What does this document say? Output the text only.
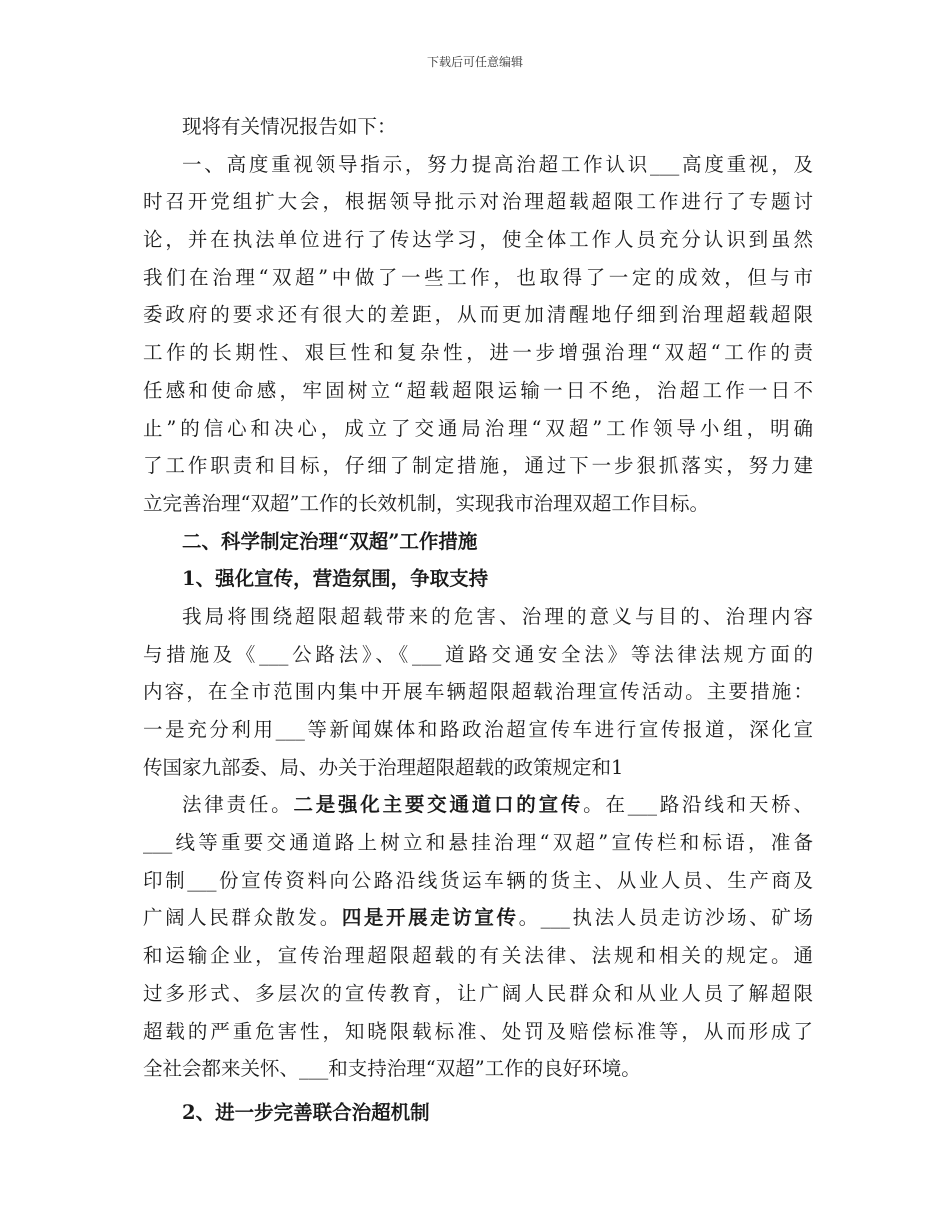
下载后可任意编辑
现将有关情况报告如下：
一、高度重视领导指示，努力提高治超工作认识___高度重视，及
时召开党组扩大会，根据领导批示对治理超载超限工作进行了专题讨
论，并在执法单位进行了传达学习，使全体工作人员充分认识到虽然
我们在治理“双超”中做了一些工作，也取得了一定的成效，但与市
委政府的要求还有很大的差距，从而更加清醒地仔细到治理超载超限
工作的长期性、艰巨性和复杂性，进一步增强治理“双超“工作的责
任感和使命感，牢固树立“超载超限运输一日不绝，治超工作一日不
止”的信心和决心，成立了交通局治理“双超”工作领导小组，明确
了工作职责和目标，仔细了制定措施，通过下一步狠抓落实，努力建
立完善治理“双超”工作的长效机制，实现我市治理双超工作目标。
二、科学制定治理“双超”工作措施
1、强化宣传，营造氛围，争取支持
我局将围绕超限超载带来的危害、治理的意义与目的、治理内容
与措施及《___公路法》、《___道路交通安全法》等法律法规方面的
内容，在全市范围内集中开展车辆超限超载治理宣传活动。主要措施：
一是充分利用___等新闻媒体和路政治超宣传车进行宣传报道，深化宣
传国家九部委、局、办关于治理超限超载的政策规定和1
法律责任。二是强化主要交通道口的宣传。在___路沿线和天桥、
___线等重要交通道路上树立和悬挂治理“双超”宣传栏和标语，准备
印制___份宣传资料向公路沿线货运车辆的货主、从业人员、生产商及
广阔人民群众散发。四是开展走访宣传。___执法人员走访沙场、矿场
和运输企业，宣传治理超限超载的有关法律、法规和相关的规定。通
过多形式、多层次的宣传教育，让广阔人民群众和从业人员了解超限
超载的严重危害性，知晓限载标准、处罚及赔偿标准等，从而形成了
全社会都来关怀、___和支持治理“双超”工作的良好环境。
2、进一步完善联合治超机制
